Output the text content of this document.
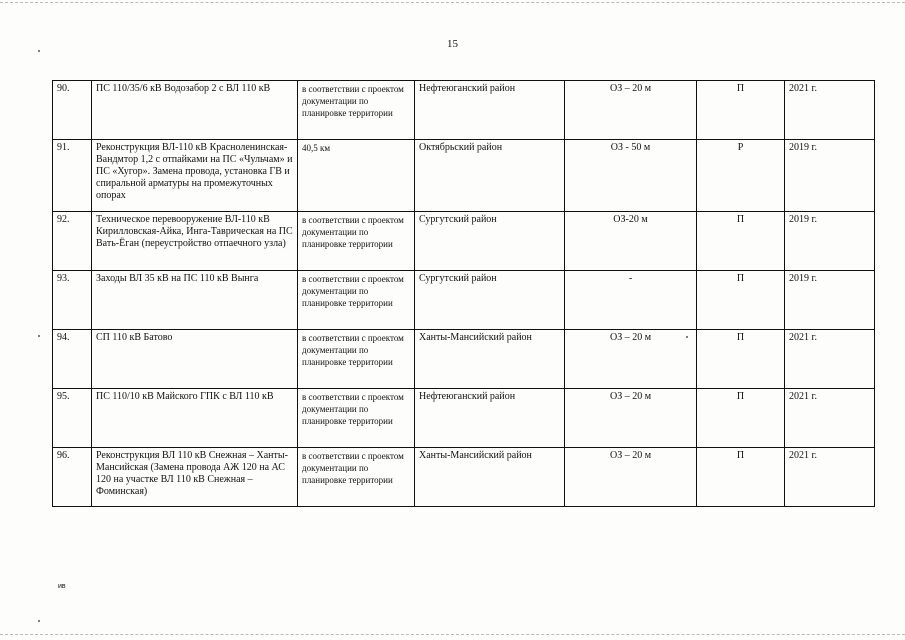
15
90.	ПС 110/35/6 кВ Водозабор 2 с ВЛ 110 кВ	в соответствии с проектом документации по планировке территории	Нефтеюганский район	ОЗ – 20 м	П	2021 г.
91.	Реконструкция ВЛ-110 кВ Красноленинская-Вандмтор 1,2 с отпайками на ПС «Чульчам» и ПС «Хугор». Замена провода, установка ГВ и спиральной арматуры на промежуточных опорах	40,5 км	Октябрьский район	ОЗ - 50 м	Р	2019 г.
92.	Техническое перевооружение ВЛ-110 кВ Кирилловская-Айка, Инга-Таврическая на ПС Вать-Ёган (переустройство отпаечного узла)	в соответствии с проектом документации по планировке территории	Сургутский район	ОЗ-20 м	П	2019 г.
93.	Заходы ВЛ 35 кВ на ПС 110 кВ Вынга	в соответствии с проектом документации по планировке территории	Сургутский район	-	П	2019 г.
94.	СП 110 кВ Батово	в соответствии с проектом документации по планировке территории	Ханты-Мансийский район	ОЗ – 20 м	П	2021 г.
95.	ПС 110/10 кВ Майского ГПК с ВЛ 110 кВ	в соответствии с проектом документации по планировке территории	Нефтеюганский район	ОЗ – 20 м	П	2021 г.
96.	Реконструкция ВЛ 110 кВ Снежная – Ханты-Мансийская (Замена провода АЖ 120 на АС 120 на участке ВЛ 110 кВ Снежная – Фоминская)	в соответствии с проектом документации по планировке территории	Ханты-Мансийский район	ОЗ – 20 м	П	2021 г.
ив
